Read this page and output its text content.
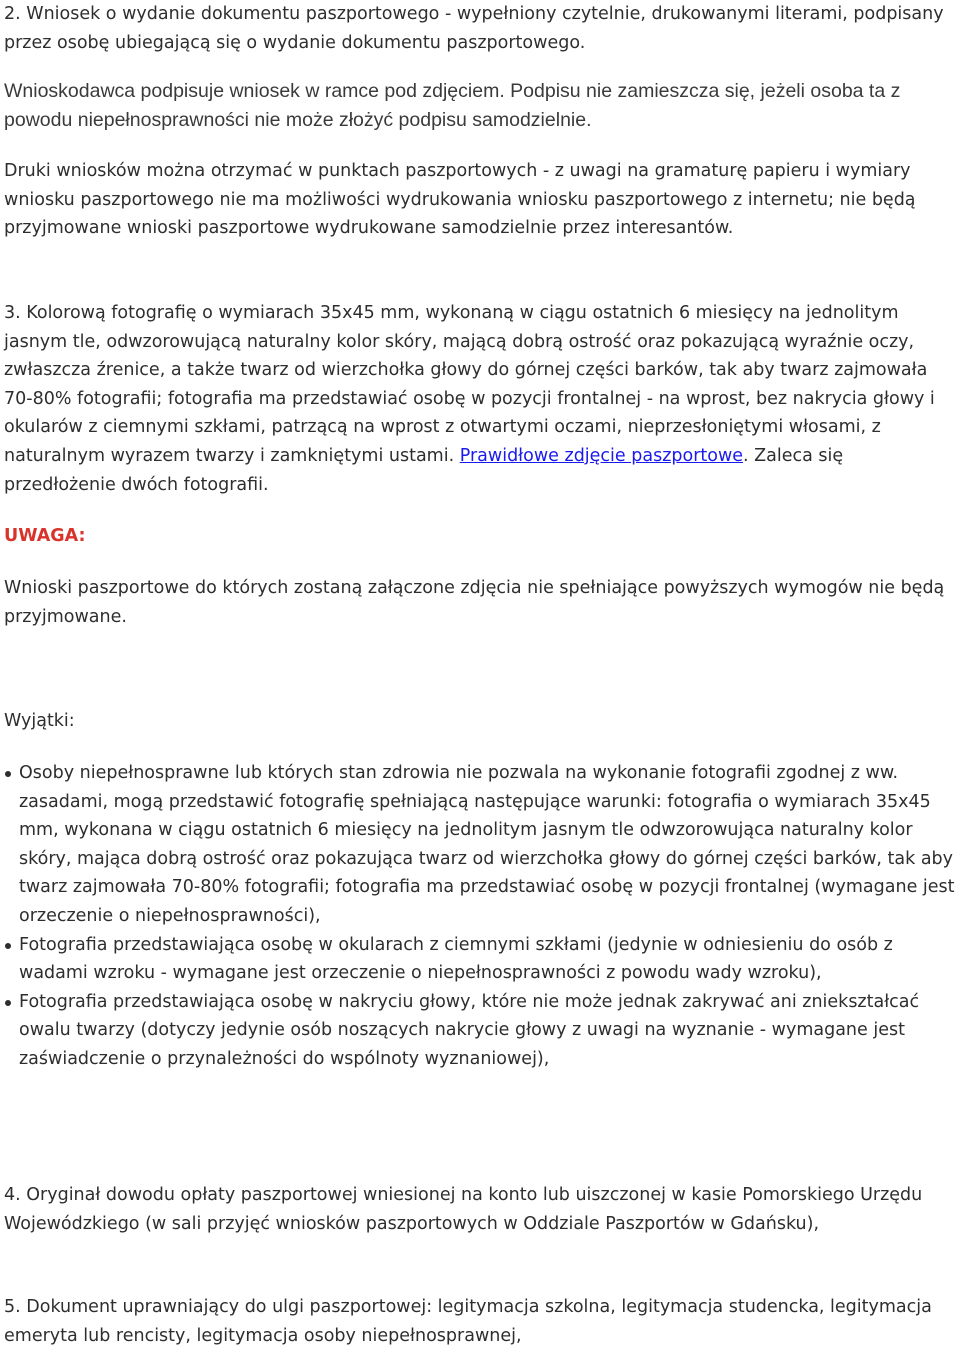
2. Wniosek o wydanie dokumentu paszportowego - wypełniony czytelnie, drukowanymi literami, podpisany przez osobę ubiegającą się o wydanie dokumentu paszportowego.

Wnioskodawca podpisuje wniosek w ramce pod zdjęciem. Podpisu nie zamieszcza się, jeżeli osoba ta z powodu niepełnosprawności nie może złożyć podpisu samodzielnie.

Druki wniosków można otrzymać w punktach paszportowych - z uwagi na gramaturę papieru i wymiary wniosku paszportowego nie ma możliwości wydrukowania wniosku paszportowego z internetu; nie będą przyjmowane wnioski paszportowe wydrukowane samodzielnie przez interesantów.

3. Kolorową fotografię o wymiarach 35x45 mm, wykonaną w ciągu ostatnich 6 miesięcy na jednolitym jasnym tle, odwzorowującą naturalny kolor skóry, mającą dobrą ostrość oraz pokazującą wyraźnie oczy, zwłaszcza źrenice, a także twarz od wierzchołka głowy do górnej części barków, tak aby twarz zajmowała 70-80% fotografii; fotografia ma przedstawiać osobę w pozycji frontalnej - na wprost, bez nakrycia głowy i okularów z ciemnymi szkłami, patrzącą na wprost z otwartymi oczami, nieprzesłoniętymi włosami, z naturalnym wyrazem twarzy i zamkniętymi ustami. Prawidłowe zdjęcie paszportowe. Zaleca się przedłożenie dwóch fotografii.

UWAGA:

Wnioski paszportowe do których zostaną załączone zdjęcia nie spełniające powyższych wymogów nie będą przyjmowane.

Wyjątki:

Osoby niepełnosprawne lub których stan zdrowia nie pozwala na wykonanie fotografii zgodnej z ww. zasadami, mogą przedstawić fotografię spełniającą następujące warunki: fotografia o wymiarach 35x45 mm, wykonana w ciągu ostatnich 6 miesięcy na jednolitym jasnym tle odwzorowująca naturalny kolor skóry, mająca dobrą ostrość oraz pokazująca twarz od wierzchołka głowy do górnej części barków, tak aby twarz zajmowała 70-80% fotografii; fotografia ma przedstawiać osobę w pozycji frontalnej (wymagane jest orzeczenie o niepełnosprawności),
Fotografia przedstawiająca osobę w okularach z ciemnymi szkłami (jedynie w odniesieniu do osób z wadami wzroku - wymagane jest orzeczenie o niepełnosprawności z powodu wady wzroku),
Fotografia przedstawiająca osobę w nakryciu głowy, które nie może jednak zakrywać ani zniekształcać owalu twarzy (dotyczy jedynie osób noszących nakrycie głowy z uwagi na wyznanie - wymagane jest zaświadczenie o przynależności do wspólnoty wyznaniowej),

4. Oryginał dowodu opłaty paszportowej wniesionej na konto lub uiszczonej w kasie Pomorskiego Urzędu Wojewódzkiego (w sali przyjęć wniosków paszportowych w Oddziale Paszportów w Gdańsku),

5. Dokument uprawniający do ulgi paszportowej: legitymacja szkolna, legitymacja studencka, legitymacja emeryta lub rencisty, legitymacja osoby niepełnosprawnej,
